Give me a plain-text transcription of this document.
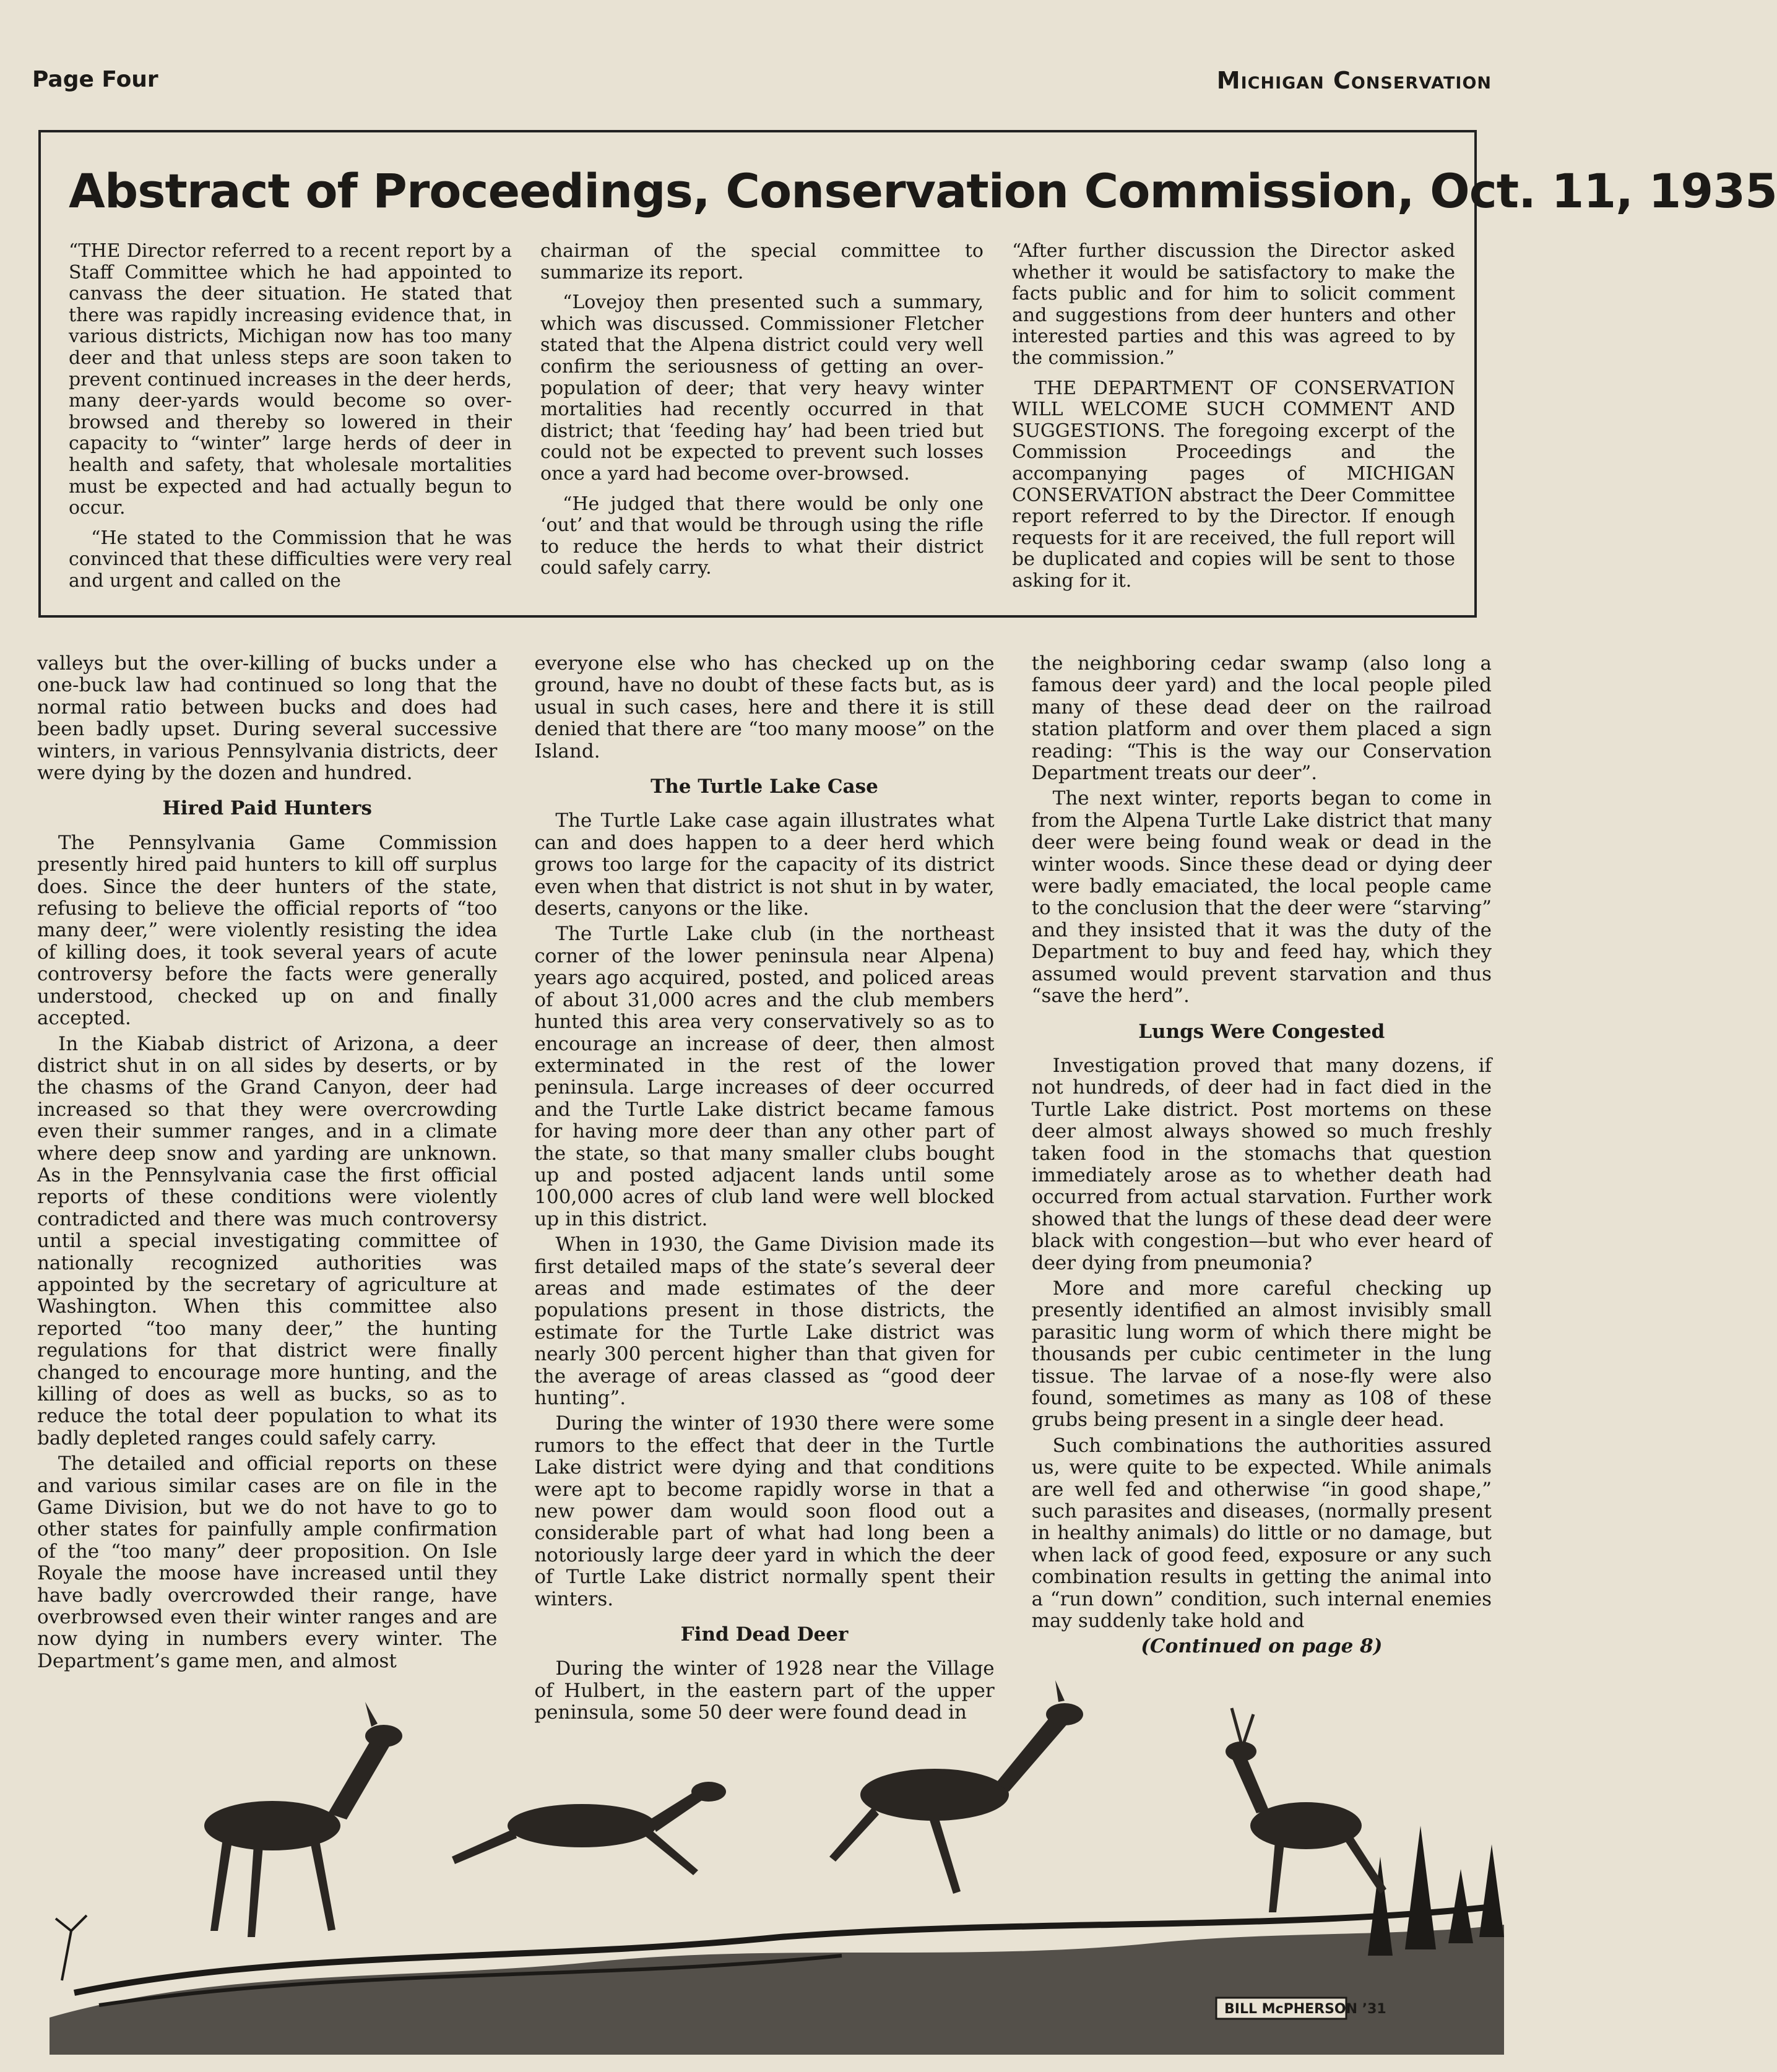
Page Four	Michigan Conservation
Abstract of Proceedings, Conservation Commission, Oct. 11, 1935

“THE Director referred to a recent report by a Staff Committee which he had appointed to canvass the deer situation. He stated that there was rapidly increasing evidence that, in various districts, Michigan now has too many deer and that unless steps are soon taken to prevent continued increases in the deer herds, many deer-yards would become so over-browsed and thereby so lowered in their capacity to “winter” large herds of deer in health and safety, that wholesale mortalities must be expected and had actually begun to occur.

“He stated to the Commission that he was convinced that these difficulties were very real and urgent and called on the

chairman of the special committee to summarize its report.

“Lovejoy then presented such a summary, which was discussed. Commissioner Fletcher stated that the Alpena district could very well confirm the seriousness of getting an over-population of deer; that very heavy winter mortalities had recently occurred in that district; that ‘feeding hay’ had been tried but could not be expected to prevent such losses once a yard had become over-browsed.

“He judged that there would be only one ‘out’ and that would be through using the rifle to reduce the herds to what their district could safely carry.

“After further discussion the Director asked whether it would be satisfactory to make the facts public and for him to solicit comment and suggestions from deer hunters and other interested parties and this was agreed to by the commission.”

THE DEPARTMENT OF CONSERVATION WILL WELCOME SUCH COMMENT AND SUGGESTIONS. The foregoing excerpt of the Commission Proceedings and the accompanying pages of MICHIGAN CONSERVATION abstract the Deer Committee report referred to by the Director. If enough requests for it are received, the full report will be duplicated and copies will be sent to those asking for it.

valleys but the over-killing of bucks under a one-buck law had continued so long that the normal ratio between bucks and does had been badly upset. During several successive winters, in various Pennsylvania districts, deer were dying by the dozen and hundred.

Hired Paid Hunters

The Pennsylvania Game Commission presently hired paid hunters to kill off surplus does. Since the deer hunters of the state, refusing to believe the official reports of “too many deer,” were violently resisting the idea of killing does, it took several years of acute controversy before the facts were generally understood, checked up on and finally accepted.

In the Kiabab district of Arizona, a deer district shut in on all sides by deserts, or by the chasms of the Grand Canyon, deer had increased so that they were overcrowding even their summer ranges, and in a climate where deep snow and yarding are unknown. As in the Pennsylvania case the first official reports of these conditions were violently contradicted and there was much controversy until a special investigating committee of nationally recognized authorities was appointed by the secretary of agriculture at Washington. When this committee also reported “too many deer,” the hunting regulations for that district were finally changed to encourage more hunting, and the killing of does as well as bucks, so as to reduce the total deer population to what its badly depleted ranges could safely carry.

The detailed and official reports on these and various similar cases are on file in the Game Division, but we do not have to go to other states for painfully ample confirmation of the “too many” deer proposition. On Isle Royale the moose have increased until they have badly overcrowded their range, have overbrowsed even their winter ranges and are now dying in numbers every winter. The Department’s game men, and almost

everyone else who has checked up on the ground, have no doubt of these facts but, as is usual in such cases, here and there it is still denied that there are “too many moose” on the Island.

The Turtle Lake Case

The Turtle Lake case again illustrates what can and does happen to a deer herd which grows too large for the capacity of its district even when that district is not shut in by water, deserts, canyons or the like.

The Turtle Lake club (in the northeast corner of the lower peninsula near Alpena) years ago acquired, posted, and policed areas of about 31,000 acres and the club members hunted this area very conservatively so as to encourage an increase of deer, then almost exterminated in the rest of the lower peninsula. Large increases of deer occurred and the Turtle Lake district became famous for having more deer than any other part of the state, so that many smaller clubs bought up and posted adjacent lands until some 100,000 acres of club land were well blocked up in this district.

When in 1930, the Game Division made its first detailed maps of the state’s several deer areas and made estimates of the deer populations present in those districts, the estimate for the Turtle Lake district was nearly 300 percent higher than that given for the average of areas classed as “good deer hunting”.

During the winter of 1930 there were some rumors to the effect that deer in the Turtle Lake district were dying and that conditions were apt to become rapidly worse in that a new power dam would soon flood out a considerable part of what had long been a notoriously large deer yard in which the deer of Turtle Lake district normally spent their winters.

Find Dead Deer

During the winter of 1928 near the Village of Hulbert, in the eastern part of the upper peninsula, some 50 deer were found dead in

the neighboring cedar swamp (also long a famous deer yard) and the local people piled many of these dead deer on the railroad station platform and over them placed a sign reading: “This is the way our Conservation Department treats our deer”.

The next winter, reports began to come in from the Alpena Turtle Lake district that many deer were being found weak or dead in the winter woods. Since these dead or dying deer were badly emaciated, the local people came to the conclusion that the deer were “starving” and they insisted that it was the duty of the Department to buy and feed hay, which they assumed would prevent starvation and thus “save the herd”.

Lungs Were Congested

Investigation proved that many dozens, if not hundreds, of deer had in fact died in the Turtle Lake district. Post mortems on these deer almost always showed so much freshly taken food in the stomachs that question immediately arose as to whether death had occurred from actual starvation. Further work showed that the lungs of these dead deer were black with congestion—but who ever heard of deer dying from pneumonia?

More and more careful checking up presently identified an almost invisibly small parasitic lung worm of which there might be thousands per cubic centimeter in the lung tissue. The larvae of a nose-fly were also found, sometimes as many as 108 of these grubs being present in a single deer head.

Such combinations the authorities assured us, were quite to be expected. While animals are well fed and otherwise “in good shape,” such parasites and diseases, (normally present in healthy animals) do little or no damage, but when lack of good feed, exposure or any such combination results in getting the animal into a “run down” condition, such internal enemies may suddenly take hold and

(Continued on page 8)
BILL McPHERSON ’31
